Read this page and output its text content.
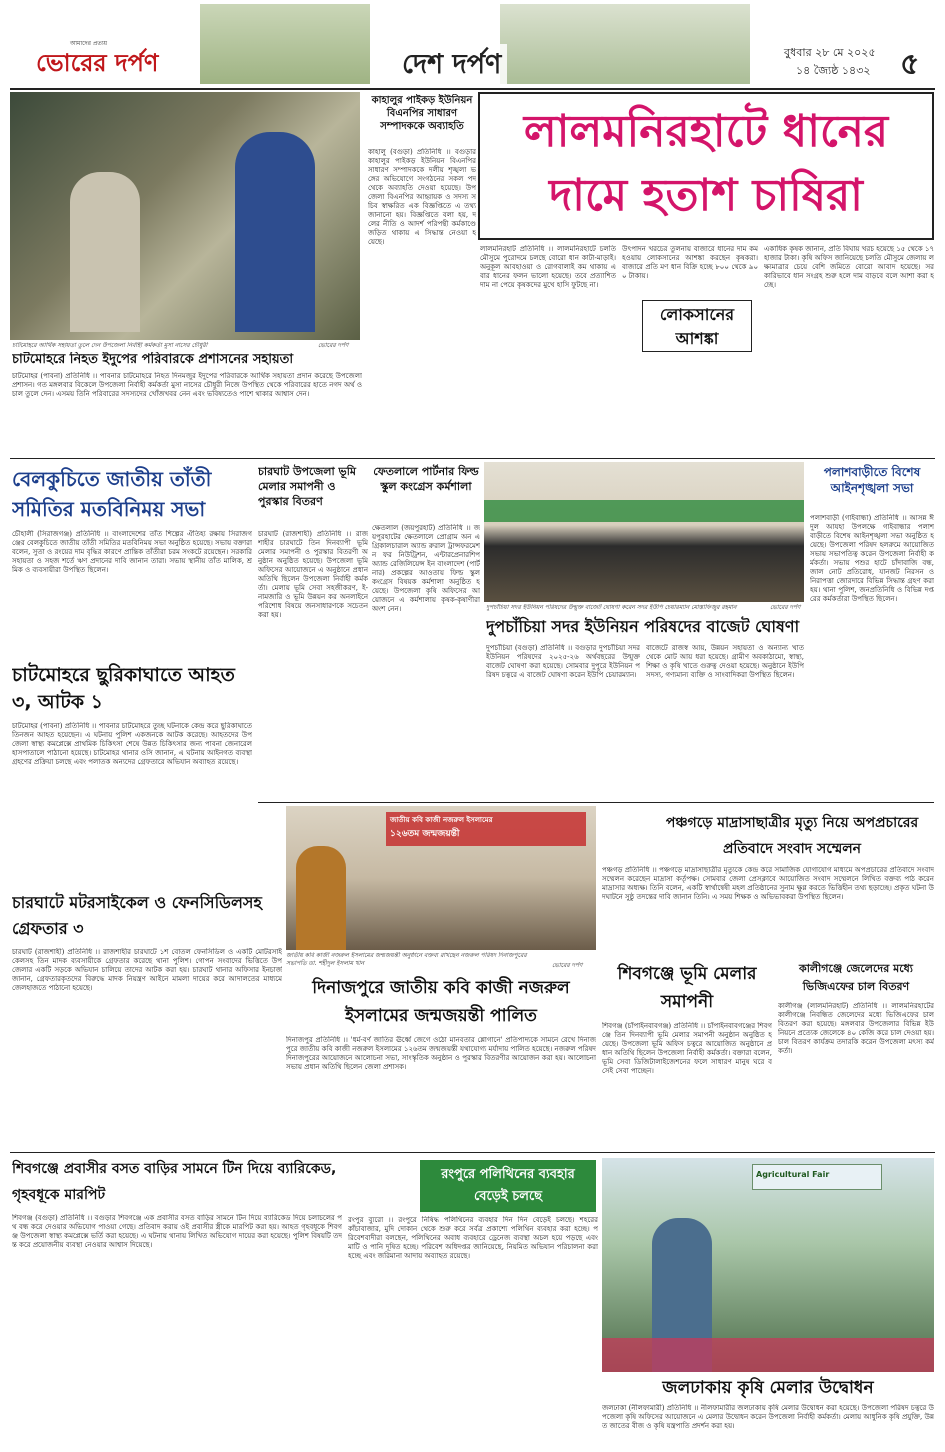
আমাদের প্রত্যয়
ভোরের দর্পণ	দেশ দর্পণ	বুধবার ২৮ মে ২০২৫
১৪ জ্যৈষ্ঠ ১৪৩২ ৫
চাটমোহরে আর্থিক সহায়তা তুলে দেন উপজেলা নির্বাহী কর্মকর্তা মুসা নাসের চৌধুরী	ভোরের দর্পণ
চাটমোহরে নিহত ইদুপের পরিবারকে প্রশাসনের সহায়তা
চাটমোহর (পাবনা) প্রতিনিধি ।। পাবনার চাটমোহরে নিহত দিনমজুর ইদুপের পরিবারকে আর্থিক সহায়তা প্রদান করেছে উপজেলা প্রশাসন। গত মঙ্গলবার বিকেলে উপজেলা নির্বাহী কর্মকর্তা মুসা নাসের চৌধুরী নিজে উপস্থিত থেকে পরিবারের হাতে নগদ অর্থ ও চাল তুলে দেন। এসময় তিনি পরিবারের সদস্যদের খোঁজখবর নেন এবং ভবিষ্যতেও পাশে থাকার আশ্বাস দেন।
কাহালুর পাইকড় ইউনিয়ন বিএনপির সাধারণ সম্পাদককে অব্যাহতি
কাহালু (বগুড়া) প্রতিনিধি ।। বগুড়ার কাহালুর পাইকড় ইউনিয়ন বিএনপির সাধারণ সম্পাদককে দলীয় শৃঙ্খলা ভঙ্গের অভিযোগে সংগঠনের সকল পদ থেকে অব্যাহতি দেওয়া হয়েছে। উপজেলা বিএনপির আহ্বায়ক ও সদস্য সচিব স্বাক্ষরিত এক বিজ্ঞপ্তিতে এ তথ্য জানানো হয়। বিজ্ঞপ্তিতে বলা হয়, দলের নীতি ও আদর্শ পরিপন্থী কর্মকাণ্ডে জড়িত থাকায় এ সিদ্ধান্ত নেওয়া হয়েছে।
লালমনিরহাটে ধানের দামে হতাশ চাষিরা
লালমনিরহাট প্রতিনিধি ।। লালমনিরহাটে চলতি মৌসুমে পুরোদমে চলছে বোরো ধান কাটা-মাড়াই। অনুকূল আবহাওয়া ও রোগবালাই কম থাকায় এবার ধানের ফলন ভালো হয়েছে। তবে প্রত্যাশিত দাম না পেয়ে কৃষকদের মুখে হাসি ফুটছে না।
উৎপাদন খরচের তুলনায় বাজারে ধানের দাম কম হওয়ায় লোকসানের আশঙ্কা করছেন কৃষকরা। বাজারে প্রতি মণ ধান বিক্রি হচ্ছে ৮০০ থেকে ৯০০ টাকায়।
লোকসানের আশঙ্কা
একাধিক কৃষক জানান, প্রতি বিঘায় খরচ হয়েছে ১৫ থেকে ১৭ হাজার টাকা। কৃষি অফিস জানিয়েছে চলতি মৌসুমে জেলায় লক্ষ্যমাত্রার চেয়ে বেশি জমিতে বোরো আবাদ হয়েছে। সরকারিভাবে ধান সংগ্রহ শুরু হলে দাম বাড়বে বলে আশা করা হচ্ছে।
বেলকুচিতে জাতীয় তাঁতী সমিতির মতবিনিময় সভা
চৌহালী (সিরাজগঞ্জ) প্রতিনিধি ।। বাংলাদেশের তাঁত শিল্পের ঐতিহ্য রক্ষায় সিরাজগঞ্জের বেলকুচিতে জাতীয় তাঁতী সমিতির মতবিনিময় সভা অনুষ্ঠিত হয়েছে। সভায় বক্তারা বলেন, সুতা ও রংয়ের দাম বৃদ্ধির কারণে প্রান্তিক তাঁতীরা চরম সংকটে রয়েছেন। সরকারি সহায়তা ও সহজ শর্তে ঋণ প্রদানের দাবি জানান তারা। সভায় স্থানীয় তাঁত মালিক, শ্রমিক ও ব্যবসায়ীরা উপস্থিত ছিলেন।
চারঘাট উপজেলা ভূমি মেলার সমাপনী ও পুরস্কার বিতরণ
চারঘাট (রাজশাহী) প্রতিনিধি ।। রাজশাহীর চারঘাটে তিন দিনব্যাপী ভূমি মেলার সমাপনী ও পুরস্কার বিতরণী অনুষ্ঠান অনুষ্ঠিত হয়েছে। উপজেলা ভূমি অফিসের আয়োজনে এ অনুষ্ঠানে প্রধান অতিথি ছিলেন উপজেলা নির্বাহী কর্মকর্তা। মেলায় ভূমি সেবা সহজীকরণ, ই-নামজারি ও ভূমি উন্নয়ন কর অনলাইনে পরিশোধ বিষয়ে জনসাধারণকে সচেতন করা হয়।
ফেতলালে পার্টনার ফিল্ড স্কুল কংগ্রেস কর্মশালা
ক্ষেতলাল (জয়পুরহাট) প্রতিনিধি ।। জয়পুরহাটের ক্ষেতলালে প্রোগ্রাম অন এগ্রিকালচারাল অ্যান্ড রুরাল ট্রান্সফরমেশন ফর নিউট্রিশন, এন্টারপ্রেনারশিপ অ্যান্ড রেজিলিয়েন্স ইন বাংলাদেশ (পার্টনার) প্রকল্পের আওতায় ফিল্ড স্কুল কংগ্রেস বিষয়ক কর্মশালা অনুষ্ঠিত হয়েছে। উপজেলা কৃষি অফিসের আয়োজনে এ কর্মশালায় কৃষক-কৃষাণীরা অংশ নেন।	দুপচাঁচিয়া সদর ইউনিয়ন পরিষদের উন্মুক্ত বাজেট ঘোষণা করেন সদর ইউপি চেয়ারম্যান মোস্তাফিজুর রহমান	ভোরের দর্পণ
দুপচাঁচিয়া সদর ইউনিয়ন পরিষদের বাজেট ঘোষণা
দুপচাঁচিয়া (বগুড়া) প্রতিনিধি ।। বগুড়ার দুপচাঁচিয়া সদর ইউনিয়ন পরিষদের ২০২৫-২৬ অর্থবছরের উন্মুক্ত বাজেট ঘোষণা করা হয়েছে। সোমবার দুপুরে ইউনিয়ন পরিষদ চত্বরে এ বাজেট ঘোষণা করেন ইউপি চেয়ারম্যান।
বাজেটে রাজস্ব আয়, উন্নয়ন সহায়তা ও অন্যান্য খাত থেকে মোট আয় ধরা হয়েছে। গ্রামীণ অবকাঠামো, স্বাস্থ্য, শিক্ষা ও কৃষি খাতে গুরুত্ব দেওয়া হয়েছে। অনুষ্ঠানে ইউপি সদস্য, গণ্যমান্য ব্যক্তি ও সাংবাদিকরা উপস্থিত ছিলেন।
পলাশবাড়ীতে বিশেষ আইনশৃঙ্খলা সভা
পলাশবাড়ী (গাইবান্ধা) প্রতিনিধি ।। আসন্ন ঈদুল আযহা উপলক্ষে গাইবান্ধার পলাশবাড়ীতে বিশেষ আইনশৃঙ্খলা সভা অনুষ্ঠিত হয়েছে। উপজেলা পরিষদ হলরুমে আয়োজিত সভায় সভাপতিত্ব করেন উপজেলা নির্বাহী কর্মকর্তা। সভায় পশুর হাটে চাঁদাবাজি বন্ধ, জাল নোট প্রতিরোধ, যানজট নিরসন ও নিরাপত্তা জোরদারে বিভিন্ন সিদ্ধান্ত গ্রহণ করা হয়। থানা পুলিশ, জনপ্রতিনিধি ও বিভিন্ন দপ্তরের কর্মকর্তারা উপস্থিত ছিলেন।
চাটমোহরে ছুরিকাঘাতে আহত ৩, আটক ১
চাটমোহর (পাবনা) প্রতিনিধি ।। পাবনার চাটমোহরে তুচ্ছ ঘটনাকে কেন্দ্র করে ছুরিকাঘাতে তিনজন আহত হয়েছেন। এ ঘটনায় পুলিশ একজনকে আটক করেছে। আহতদের উপজেলা স্বাস্থ্য কমপ্লেক্সে প্রাথমিক চিকিৎসা শেষে উন্নত চিকিৎসার জন্য পাবনা জেনারেল হাসপাতালে পাঠানো হয়েছে। চাটমোহর থানার ওসি জানান, এ ঘটনায় আইনগত ব্যবস্থা গ্রহণের প্রক্রিয়া চলছে এবং পলাতক অন্যদের গ্রেফতারে অভিযান অব্যাহত রয়েছে।
জাতীয় কবি কাজী নজরুল ইসলামের
১২৬তম জন্মজয়ন্তী
জাতীয় কবি কাজী নজরুল ইসলামের জন্মজয়ন্তী অনুষ্ঠানে বক্তব্য রাখছেন নজরুল পরিষদ দিনাজপুরের সভাপতি ডা. শহীদুল ইসলাম খান	ভোরের দর্পণ
দিনাজপুরে জাতীয় কবি কাজী নজরুল ইসলামের জন্মজয়ন্তী পালিত
দিনাজপুর প্রতিনিধি ।। 'ধর্ম-বর্ণ জাতির ঊর্ধ্বে জেগে ওঠো মানবতার শ্লোগানে' প্রতিপাদ্যকে সামনে রেখে দিনাজপুরে জাতীয় কবি কাজী নজরুল ইসলামের ১২৬তম জন্মজয়ন্তী যথাযোগ্য মর্যাদায় পালিত হয়েছে। নজরুল পরিষদ দিনাজপুরের আয়োজনে আলোচনা সভা, সাংস্কৃতিক অনুষ্ঠান ও পুরস্কার বিতরণীর আয়োজন করা হয়। আলোচনা সভায় প্রধান অতিথি ছিলেন জেলা প্রশাসক।
পঞ্চগড়ে মাদ্রাসাছাত্রীর মৃত্যু নিয়ে অপপ্রচারের প্রতিবাদে সংবাদ সম্মেলন
পঞ্চগড় প্রতিনিধি ।। পঞ্চগড়ে মাদ্রাসাছাত্রীর মৃত্যুকে কেন্দ্র করে সামাজিক যোগাযোগ মাধ্যমে অপপ্রচারের প্রতিবাদে সংবাদ সম্মেলন করেছেন মাদ্রাসা কর্তৃপক্ষ। সোমবার জেলা প্রেসক্লাবে আয়োজিত সংবাদ সম্মেলনে লিখিত বক্তব্য পাঠ করেন মাদ্রাসার অধ্যক্ষ। তিনি বলেন, একটি স্বার্থান্বেষী মহল প্রতিষ্ঠানের সুনাম ক্ষুণ্ণ করতে ভিত্তিহীন তথ্য ছড়াচ্ছে। প্রকৃত ঘটনা উদঘাটনে সুষ্ঠু তদন্তের দাবি জানান তিনি। এ সময় শিক্ষক ও অভিভাবকরা উপস্থিত ছিলেন।
শিবগঞ্জে ভূমি মেলার সমাপনী
শিবগঞ্জ (চাঁপাইনবাবগঞ্জ) প্রতিনিধি ।। চাঁপাইনবাবগঞ্জের শিবগঞ্জে তিন দিনব্যাপী ভূমি মেলার সমাপনী অনুষ্ঠান অনুষ্ঠিত হয়েছে। উপজেলা ভূমি অফিস চত্বরে আয়োজিত অনুষ্ঠানে প্রধান অতিথি ছিলেন উপজেলা নির্বাহী কর্মকর্তা। বক্তারা বলেন, ভূমি সেবা ডিজিটালাইজেশনের ফলে সাধারণ মানুষ ঘরে বসেই সেবা পাচ্ছেন।
কালীগঞ্জে জেলেদের মধ্যে ভিজিএফের চাল বিতরণ
কালীগঞ্জ (লালমনিরহাট) প্রতিনিধি ।। লালমনিরহাটের কালীগঞ্জে নিবন্ধিত জেলেদের মধ্যে ভিজিএফের চাল বিতরণ করা হয়েছে। মঙ্গলবার উপজেলার বিভিন্ন ইউনিয়নে প্রত্যেক জেলেকে ৪০ কেজি করে চাল দেওয়া হয়। চাল বিতরণ কার্যক্রম তদারকি করেন উপজেলা মৎস্য কর্মকর্তা।
চারঘাটে মটরসাইকেল ও ফেনসিডিলসহ গ্রেফতার ৩
চারঘাট (রাজশাহী) প্রতিনিধি ।। রাজশাহীর চারঘাটে ১শ বোতল ফেনসিডিল ও একটি মোটরসাইকেলসহ তিন মাদক ব্যবসায়ীকে গ্রেফতার করেছে থানা পুলিশ। গোপন সংবাদের ভিত্তিতে উপজেলার একটি সড়কে অভিযান চালিয়ে তাদের আটক করা হয়। চারঘাট থানার অফিসার ইনচার্জ জানান, গ্রেফতারকৃতদের বিরুদ্ধে মাদক নিয়ন্ত্রণ আইনে মামলা দায়ের করে আদালতের মাধ্যমে জেলহাজতে পাঠানো হয়েছে।
শিবগঞ্জে প্রবাসীর বসত বাড়ির সামনে টিন দিয়ে ব্যারিকেড, গৃহবধূকে মারপিট
শিবগঞ্জ (বগুড়া) প্রতিনিধি ।। বগুড়ার শিবগঞ্জে এক প্রবাসীর বসত বাড়ির সামনে টিন দিয়ে ব্যারিকেড দিয়ে চলাচলের পথ বন্ধ করে দেওয়ার অভিযোগ পাওয়া গেছে। প্রতিবাদ করায় ওই প্রবাসীর স্ত্রীকে মারপিট করা হয়। আহত গৃহবধূকে শিবগঞ্জ উপজেলা স্বাস্থ্য কমপ্লেক্সে ভর্তি করা হয়েছে। এ ঘটনায় থানায় লিখিত অভিযোগ দায়ের করা হয়েছে। পুলিশ বিষয়টি তদন্ত করে প্রয়োজনীয় ব্যবস্থা নেওয়ার আশ্বাস দিয়েছে।
রংপুরে পলিথিনের ব্যবহার বেড়েই চলছে
রংপুর ব্যুরো ।। রংপুরে নিষিদ্ধ পলিথিনের ব্যবহার দিন দিন বেড়েই চলছে। শহরের কাঁচাবাজার, মুদি দোকান থেকে শুরু করে সর্বত্র প্রকাশ্যে পলিথিন ব্যবহার করা হচ্ছে। পরিবেশবাদীরা বলছেন, পলিথিনের অবাধ ব্যবহারে ড্রেনেজ ব্যবস্থা অচল হয়ে পড়ছে এবং মাটি ও পানি দূষিত হচ্ছে। পরিবেশ অধিদপ্তর জানিয়েছে, নিয়মিত অভিযান পরিচালনা করা হচ্ছে এবং জরিমানা আদায় অব্যাহত রয়েছে।
Agricultural Fair
জলঢাকায় কৃষি মেলার উদ্বোধন
জলঢাকা (নীলফামারী) প্রতিনিধি ।। নীলফামারীর জলঢাকায় কৃষি মেলার উদ্বোধন করা হয়েছে। উপজেলা পরিষদ চত্বরে উপজেলা কৃষি অফিসের আয়োজনে এ মেলার উদ্বোধন করেন উপজেলা নির্বাহী কর্মকর্তা। মেলায় আধুনিক কৃষি প্রযুক্তি, উন্নত জাতের বীজ ও কৃষি যন্ত্রপাতি প্রদর্শন করা হয়।
